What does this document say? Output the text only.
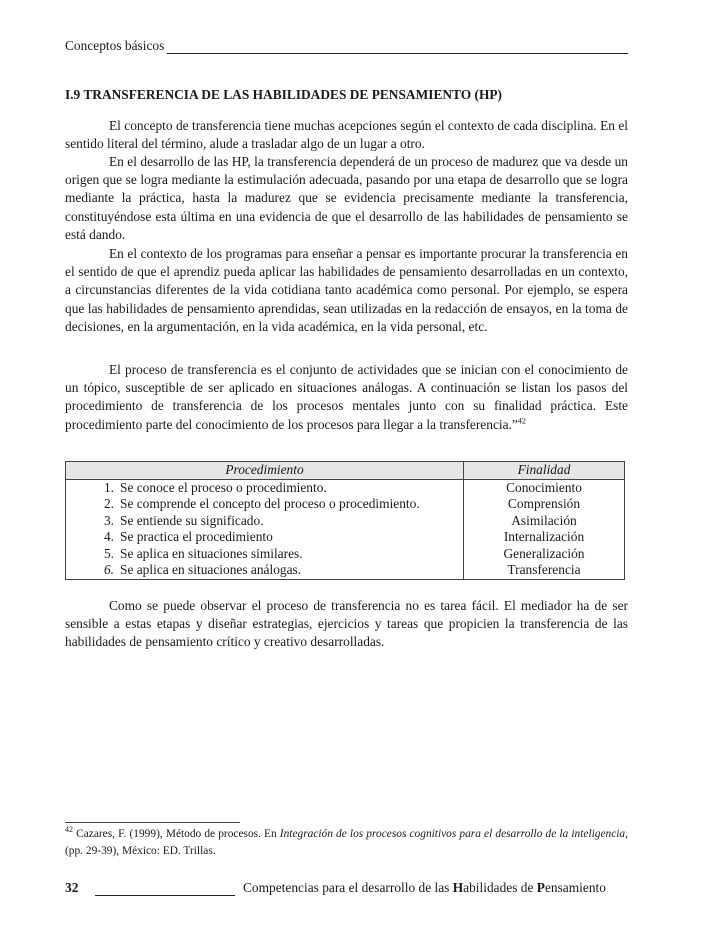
Conceptos básicos
I.9 TRANSFERENCIA DE LAS HABILIDADES DE PENSAMIENTO (HP)

El concepto de transferencia tiene muchas acepciones según el contexto de cada disciplina. En el sentido literal del término, alude a trasladar algo de un lugar a otro.

En el desarrollo de las HP, la transferencia dependerá de un proceso de madurez que va desde un origen que se logra mediante la estimulación adecuada, pasando por una etapa de desarrollo que se logra mediante la práctica, hasta la madurez que se evidencia precisamente mediante la transferencia, constituyéndose esta última en una evidencia de que el desarrollo de las habilidades de pensamiento se está dando.

En el contexto de los programas para enseñar a pensar es importante procurar la transferencia en el sentido de que el aprendiz pueda aplicar las habilidades de pensamiento desarrolladas en un contexto, a circunstancias diferentes de la vida cotidiana tanto académica como personal. Por ejemplo, se espera que las habilidades de pensamiento aprendidas, sean utilizadas en la redacción de ensayos, en la toma de decisiones, en la argumentación, en la vida académica, en la vida personal, etc.

El proceso de transferencia es el conjunto de actividades que se inician con el conocimiento de un tópico, susceptible de ser aplicado en situaciones análogas. A continuación se listan los pasos del procedimiento de transferencia de los procesos mentales junto con su finalidad práctica. Este procedimiento parte del conocimiento de los procesos para llegar a la transferencia.”$^{42}$

Procedimiento	Finalidad

1. Se conoce el proceso o procedimiento.	Conocimiento

2. Se comprende el concepto del proceso o procedimiento.	Comprensión

3. Se entiende su significado.	Asimilación

4. Se practica el procedimiento	Internalización

5. Se aplica en situaciones similares.	Generalización

6. Se aplica en situaciones análogas.	Transferencia

Como se puede observar el proceso de transferencia no es tarea fácil. El mediador ha de ser sensible a estas etapas y diseñar estrategias, ejercicios y tareas que propicien la transferencia de las habilidades de pensamiento crítico y creativo desarrolladas.

$^{42}$ Cazares, F. (1999), Método de procesos. En Integración de los procesos cognitivos para el desarrollo de la inteligencia, (pp. 29-39), México: ED. Trillas.
32	Competencias para el desarrollo de las Habilidades de Pensamiento
